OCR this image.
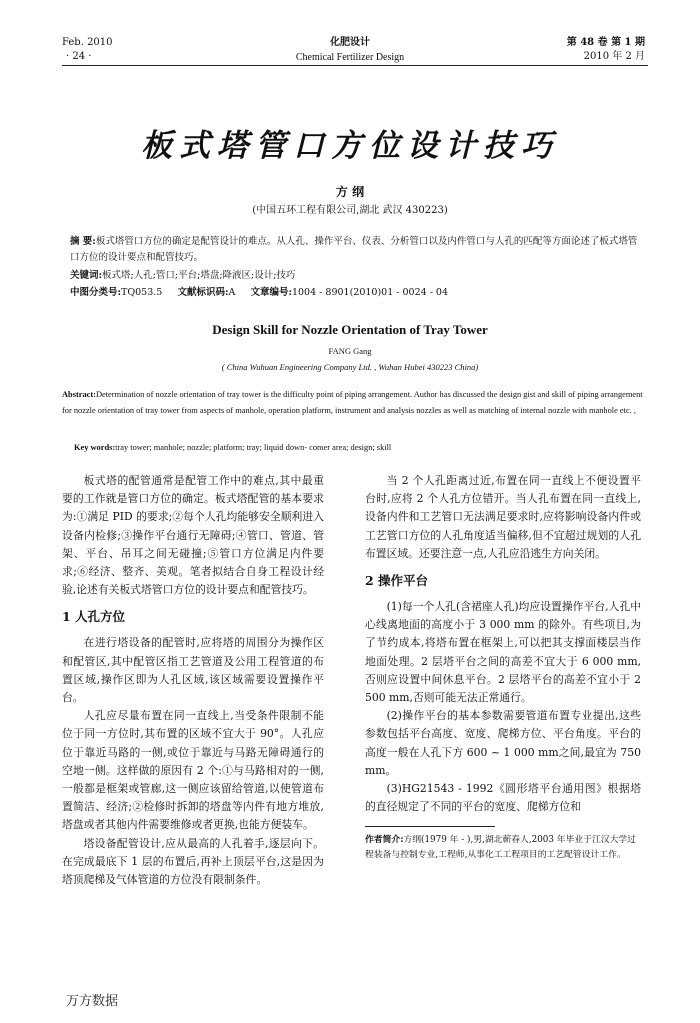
Feb. 2010
· 24 ·
化肥设计
Chemical Fertilizer Design
第 48 卷 第 1 期
2010 年 2 月
板式塔管口方位设计技巧
方 纲
(中国五环工程有限公司,湖北 武汉 430223)
摘 要:板式塔管口方位的确定是配管设计的难点。从人孔、操作平台、仪表、分析管口以及内件管口与人孔的匹配等方面论述了板式塔管口方位的设计要点和配管技巧。
关键词:板式塔;人孔;管口;平台;塔盘;降液区;设计;技巧
中图分类号:TQ053.5 文献标识码:A 文章编号:1004 - 8901(2010)01 - 0024 - 04
Design Skill for Nozzle Orientation of Tray Tower
FANG Gang
( China Wuhuan Engineering Company Ltd. , Wuhan Hubei 430223 China)
Abstract:Determination of nozzle orientation of tray tower is the difficulty point of piping arrangement. Author has discussed the design gist and skill of piping arrangement for nozzle orientation of tray tower from aspects of manhole, operation platform, instrument and analysis nozzles as well as matching of internal nozzle with manhole etc. ,
Key words:tray tower; manhole; nozzle; platform; tray; liquid down- comer area; design; skill

板式塔的配管通常是配管工作中的难点,其中最重要的工作就是管口方位的确定。板式塔配管的基本要求为:①满足 PID 的要求;②每个人孔均能够安全顺利进入设备内检修;③操作平台通行无障碍;④管口、管道、管架、平台、吊耳之间无碰撞;⑤管口方位满足内件要求;⑥经济、整齐、美观。笔者拟结合自身工程设计经验,论述有关板式塔管口方位的设计要点和配管技巧。

1 人孔方位

在进行塔设备的配管时,应将塔的周围分为操作区和配管区,其中配管区指工艺管道及公用工程管道的布置区域,操作区即为人孔区域,该区域需要设置操作平台。

人孔应尽量布置在同一直线上,当受条件限制不能位于同一方位时,其布置的区域不宜大于 90°。人孔应位于靠近马路的一侧,或位于靠近与马路无障碍通行的空地一侧。这样做的原因有 2 个:①与马路相对的一侧,一般都是框架或管廊,这一侧应该留给管道,以使管道布置简洁、经济;②检修时拆卸的塔盘等内件有地方堆放,塔盘或者其他内件需要维修或者更换,也能方便装车。

塔设备配管设计,应从最高的人孔着手,逐层向下。在完成最底下 1 层的布置后,再补上顶层平台,这是因为塔顶爬梯及气体管道的方位没有限制条件。

当 2 个人孔距离过近,布置在同一直线上不便设置平台时,应将 2 个人孔方位错开。当人孔布置在同一直线上,设备内件和工艺管口无法满足要求时,应将影响设备内件或工艺管口方位的人孔角度适当偏移,但不宜超过规划的人孔布置区域。还要注意一点,人孔应沿逃生方向关闭。

2 操作平台

(1)每一个人孔(含裙座人孔)均应设置操作平台,人孔中心线离地面的高度小于 3 000 mm 的除外。有些项目,为了节约成本,将塔布置在框架上,可以把其支撑面楼层当作地面处理。2 层塔平台之间的高差不宜大于 6 000 mm,否则应设置中间休息平台。2 层塔平台的高差不宜小于 2 500 mm,否则可能无法正常通行。

(2)操作平台的基本参数需要管道布置专业提出,这些参数包括平台高度、宽度、爬梯方位、平台角度。平台的高度一般在人孔下方 600 ~ 1 000 mm之间,最宜为 750 mm。

(3)HG21543 - 1992《圆形塔平台通用图》根据塔的直径规定了不同的平台的宽度、爬梯方位和

作者简介:方纲(1979 年 - ),男,湖北蕲春人,2003 年毕业于江汉大学过程装备与控制专业,工程师,从事化工工程项目的工艺配管设计工作。
万方数据
